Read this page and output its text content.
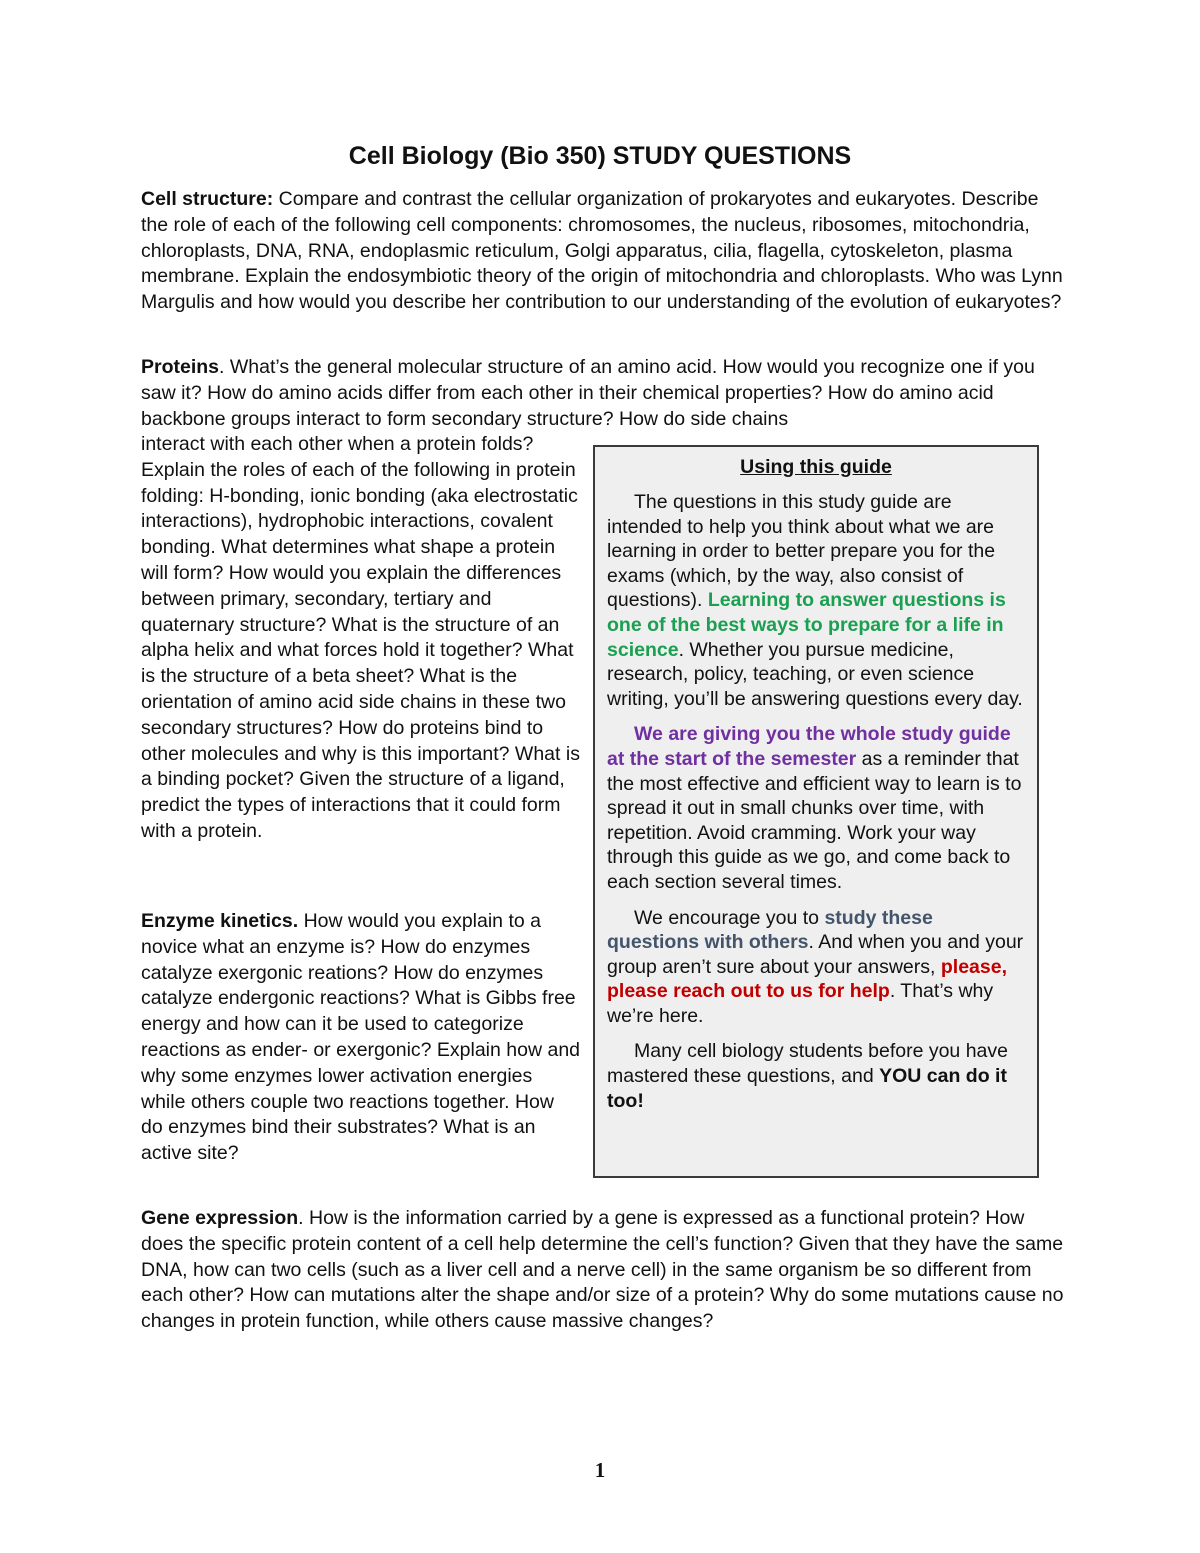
Cell Biology (Bio 350) STUDY QUESTIONS

Cell structure: Compare and contrast the cellular organization of prokaryotes and eukaryotes. Describe the role of each of the following cell components: chromosomes, the nucleus, ribosomes, mitochondria, chloroplasts, DNA, RNA, endoplasmic reticulum, Golgi apparatus, cilia, flagella, cytoskeleton, plasma membrane. Explain the endosymbiotic theory of the origin of mitochondria and chloroplasts. Who was Lynn Margulis and how would you describe her contribution to our understanding of the evolution of eukaryotes?

Proteins. What’s the general molecular structure of an amino acid. How would you recognize one if you saw it? How do amino acids differ from each other in their chemical properties? How do amino acid backbone groups interact to form secondary structure? How do side chains

interact with each other when a protein folds? Explain the roles of each of the following in protein folding: H-bonding, ionic bonding (aka electrostatic interactions), hydrophobic interactions, covalent bonding. What determines what shape a protein will form? How would you explain the differences between primary, secondary, tertiary and quaternary structure? What is the structure of an alpha helix and what forces hold it together? What is the structure of a beta sheet? What is the orientation of amino acid side chains in these two secondary structures? How do proteins bind to other molecules and why is this important? What is a binding pocket? Given the structure of a ligand, predict the types of interactions that it could form with a protein.

Enzyme kinetics. How would you explain to a novice what an enzyme is? How do enzymes catalyze exergonic reations? How do enzymes catalyze endergonic reactions? What is Gibbs free energy and how can it be used to categorize reactions as ender- or exergonic? Explain how and why some enzymes lower activation energies while others couple two reactions together. How do enzymes bind their substrates? What is an active site?

Using this guide

The questions in this study guide are intended to help you think about what we are learning in order to better prepare you for the exams (which, by the way, also consist of questions). Learning to answer questions is one of the best ways to prepare for a life in science. Whether you pursue medicine, research, policy, teaching, or even science writing, you’ll be answering questions every day.

We are giving you the whole study guide at the start of the semester as a reminder that the most effective and efficient way to learn is to spread it out in small chunks over time, with repetition. Avoid cramming. Work your way through this guide as we go, and come back to each section several times.

We encourage you to study these questions with others. And when you and your group aren’t sure about your answers, please, please reach out to us for help. That’s why we’re here.

Many cell biology students before you have mastered these questions, and YOU can do it too!

Gene expression. How is the information carried by a gene is expressed as a functional protein? How does the specific protein content of a cell help determine the cell’s function? Given that they have the same DNA, how can two cells (such as a liver cell and a nerve cell) in the same organism be so different from each other? How can mutations alter the shape and/or size of a protein? Why do some mutations cause no changes in protein function, while others cause massive changes?

1
